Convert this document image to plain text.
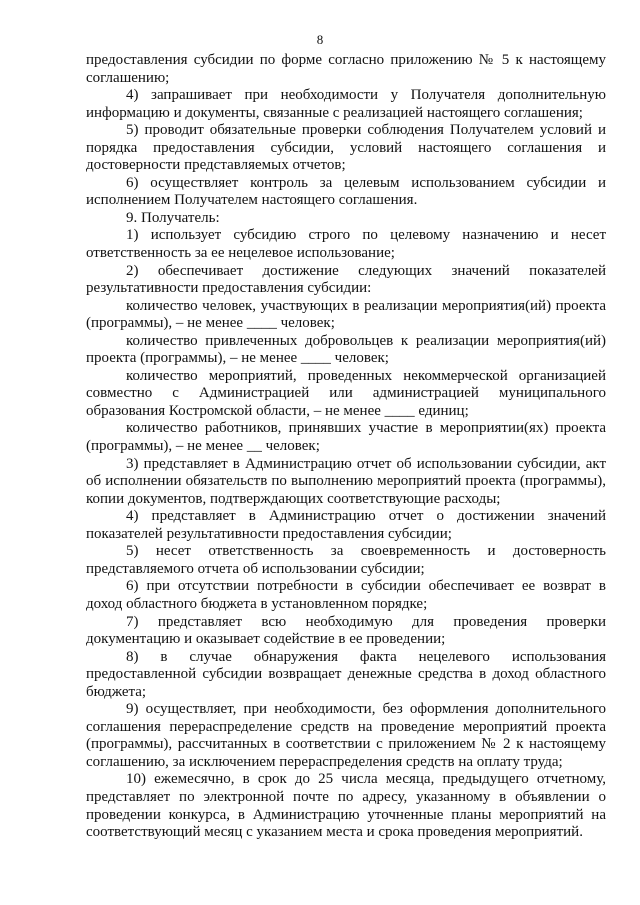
8

предоставления субсидии по форме согласно приложению № 5 к настоящему соглашению;

4) запрашивает при необходимости у Получателя дополнительную информацию и документы, связанные с реализацией настоящего соглашения;

5) проводит обязательные проверки соблюдения Получателем условий и порядка предоставления субсидии, условий настоящего соглашения и достоверности представляемых отчетов;

6) осуществляет контроль за целевым использованием субсидии и исполнением Получателем настоящего соглашения.

9. Получатель:

1) использует субсидию строго по целевому назначению и несет ответственность за ее нецелевое использование;

2) обеспечивает достижение следующих значений показателей результативности предоставления субсидии:

количество человек, участвующих в реализации мероприятия(ий) проекта (программы), – не менее ____ человек;

количество привлеченных добровольцев к реализации мероприятия(ий) проекта (программы), – не менее ____ человек;

количество мероприятий, проведенных некоммерческой организацией совместно с Администрацией или администрацией муниципального образования Костромской области, – не менее ____ единиц;

количество работников, принявших участие в мероприятии(ях) проекта (программы), – не менее __ человек;

3) представляет в Администрацию отчет об использовании субсидии, акт об исполнении обязательств по выполнению мероприятий проекта (программы), копии документов, подтверждающих соответствующие расходы;

4) представляет в Администрацию отчет о достижении значений показателей результативности предоставления субсидии;

5) несет ответственность за своевременность и достоверность представляемого отчета об использовании субсидии;

6) при отсутствии потребности в субсидии обеспечивает ее возврат в доход областного бюджета в установленном порядке;

7) представляет всю необходимую для проведения проверки документацию и оказывает содействие в ее проведении;

8) в случае обнаружения факта нецелевого использования предоставленной субсидии возвращает денежные средства в доход областного бюджета;

9) осуществляет, при необходимости, без оформления дополнительного соглашения перераспределение средств на проведение мероприятий проекта (программы), рассчитанных в соответствии с приложением № 2 к настоящему соглашению, за исключением перераспределения средств на оплату труда;

10) ежемесячно, в срок до 25 числа месяца, предыдущего отчетному, представляет по электронной почте по адресу, указанному в объявлении о проведении конкурса, в Администрацию уточненные планы мероприятий на соответствующий месяц с указанием места и срока проведения мероприятий.
